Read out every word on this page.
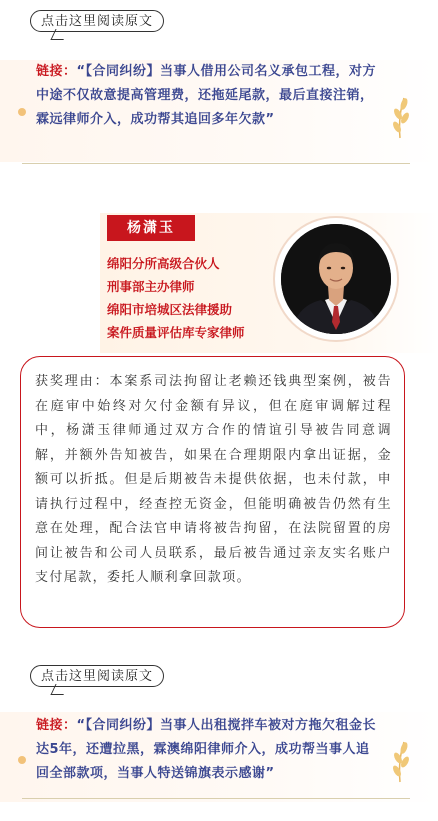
点击这里阅读原文
链接：“【合同纠纷】当事人借用公司名义承包工程，对方中途不仅故意提高管理费，还拖延尾款，最后直接注销，霖远律师介入，成功帮其追回多年欠款”
杨潇玉
绵阳分所高级合伙人
刑事部主办律师
绵阳市培城区法律援助
案件质量评估库专家律师
获奖理由：本案系司法拘留让老赖还钱典型案例，被告在庭审中始终对欠付金额有异议，但在庭审调解过程中，杨潇玉律师通过双方合作的情谊引导被告同意调解，并额外告知被告，如果在合理期限内拿出证据，金额可以折抵。但是后期被告未提供依据，也未付款，申请执行过程中，经查控无资金，但能明确被告仍然有生意在处理，配合法官申请将被告拘留，在法院留置的房间让被告和公司人员联系，最后被告通过亲友实名账户支付尾款，委托人顺利拿回款项。
点击这里阅读原文
链接：“【合同纠纷】当事人出租搅拌车被对方拖欠租金长达5年，还遭拉黑，霖澳绵阳律师介入，成功帮当事人追回全部款项，当事人特送锦旗表示感谢”
